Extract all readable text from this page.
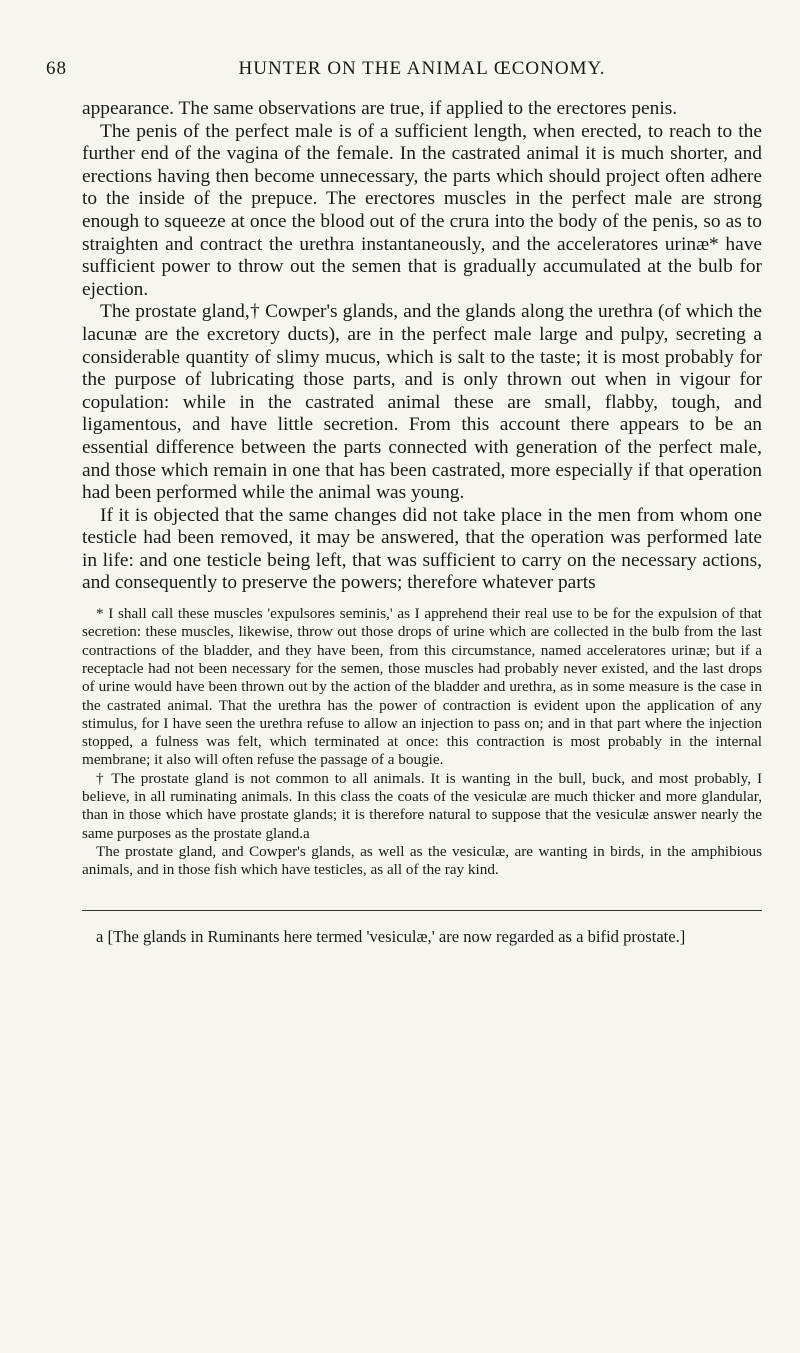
68	HUNTER ON THE ANIMAL ŒCONOMY.

appearance. The same observations are true, if applied to the erectores penis.

The penis of the perfect male is of a sufficient length, when erected, to reach to the further end of the vagina of the female. In the castrated animal it is much shorter, and erections having then become unnecessary, the parts which should project often adhere to the inside of the prepuce. The erectores muscles in the perfect male are strong enough to squeeze at once the blood out of the crura into the body of the penis, so as to straighten and contract the urethra instantaneously, and the acceleratores urinæ* have sufficient power to throw out the semen that is gradually accumulated at the bulb for ejection.

The prostate gland,† Cowper's glands, and the glands along the urethra (of which the lacunæ are the excretory ducts), are in the perfect male large and pulpy, secreting a considerable quantity of slimy mucus, which is salt to the taste; it is most probably for the purpose of lubricating those parts, and is only thrown out when in vigour for copulation: while in the castrated animal these are small, flabby, tough, and ligamentous, and have little secretion. From this account there appears to be an essential difference between the parts connected with generation of the perfect male, and those which remain in one that has been castrated, more especially if that operation had been performed while the animal was young.

If it is objected that the same changes did not take place in the men from whom one testicle had been removed, it may be answered, that the operation was performed late in life: and one testicle being left, that was sufficient to carry on the necessary actions, and consequently to preserve the powers; therefore whatever parts

* I shall call these muscles 'expulsores seminis,' as I apprehend their real use to be for the expulsion of that secretion: these muscles, likewise, throw out those drops of urine which are collected in the bulb from the last contractions of the bladder, and they have been, from this circumstance, named acceleratores urinæ; but if a receptacle had not been necessary for the semen, those muscles had probably never existed, and the last drops of urine would have been thrown out by the action of the bladder and urethra, as in some measure is the case in the castrated animal. That the urethra has the power of contraction is evident upon the application of any stimulus, for I have seen the urethra refuse to allow an injection to pass on; and in that part where the injection stopped, a fulness was felt, which terminated at once: this contraction is most probably in the internal membrane; it also will often refuse the passage of a bougie.

† The prostate gland is not common to all animals. It is wanting in the bull, buck, and most probably, I believe, in all ruminating animals. In this class the coats of the vesiculæ are much thicker and more glandular, than in those which have prostate glands; it is therefore natural to suppose that the vesiculæ answer nearly the same purposes as the prostate gland.a

The prostate gland, and Cowper's glands, as well as the vesiculæ, are wanting in birds, in the amphibious animals, and in those fish which have testicles, as all of the ray kind.

a [The glands in Ruminants here termed 'vesiculæ,' are now regarded as a bifid prostate.]
